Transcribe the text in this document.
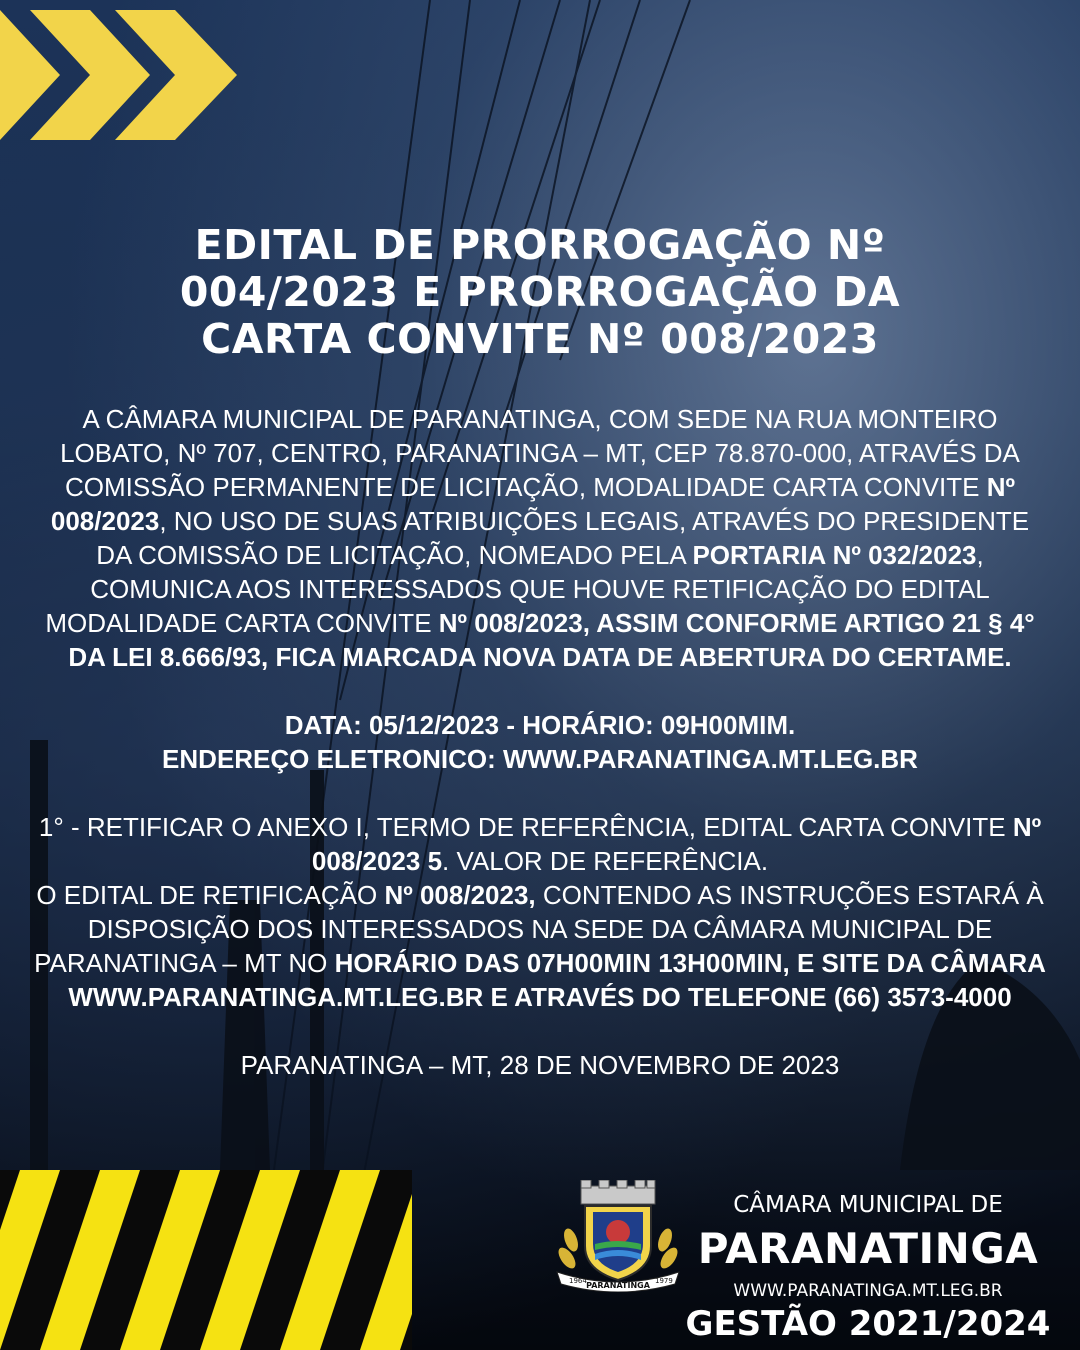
EDITAL DE PRORROGAÇÃO Nº 004/2023 E PRORROGAÇÃO DA CARTA CONVITE Nº 008/2023

A CÂMARA MUNICIPAL DE PARANATINGA, COM SEDE NA RUA MONTEIRO LOBATO, Nº 707, CENTRO, PARANATINGA – MT, CEP 78.870-000, ATRAVÉS DA COMISSÃO PERMANENTE DE LICITAÇÃO, MODALIDADE CARTA CONVITE Nº 008/2023, NO USO DE SUAS ATRIBUIÇÕES LEGAIS, ATRAVÉS DO PRESIDENTE DA COMISSÃO DE LICITAÇÃO, NOMEADO PELA PORTARIA Nº 032/2023, COMUNICA AOS INTERESSADOS QUE HOUVE RETIFICAÇÃO DO EDITAL MODALIDADE CARTA CONVITE Nº 008/2023, ASSIM CONFORME ARTIGO 21 § 4° DA LEI 8.666/93, FICA MARCADA NOVA DATA DE ABERTURA DO CERTAME.

DATA: 05/12/2023 - HORÁRIO: 09H00MIM.
ENDEREÇO ELETRONICO: WWW.PARANATINGA.MT.LEG.BR

1° - RETIFICAR O ANEXO I, TERMO DE REFERÊNCIA, EDITAL CARTA CONVITE Nº 008/2023 5. VALOR DE REFERÊNCIA.

O EDITAL DE RETIFICAÇÃO Nº 008/2023, CONTENDO AS INSTRUÇÕES ESTARÁ À DISPOSIÇÃO DOS INTERESSADOS NA SEDE DA CÂMARA MUNICIPAL DE PARANATINGA – MT NO HORÁRIO DAS 07H00MIN 13H00MIN, E SITE DA CÂMARA WWW.PARANATINGA.MT.LEG.BR E ATRAVÉS DO TELEFONE (66) 3573-4000

PARANATINGA – MT, 28 DE NOVEMBRO DE 2023

1964 PARANATINGA 1979
CÂMARA MUNICIPAL DE
PARANATINGA
WWW.PARANATINGA.MT.LEG.BR
GESTÃO 2021/2024
